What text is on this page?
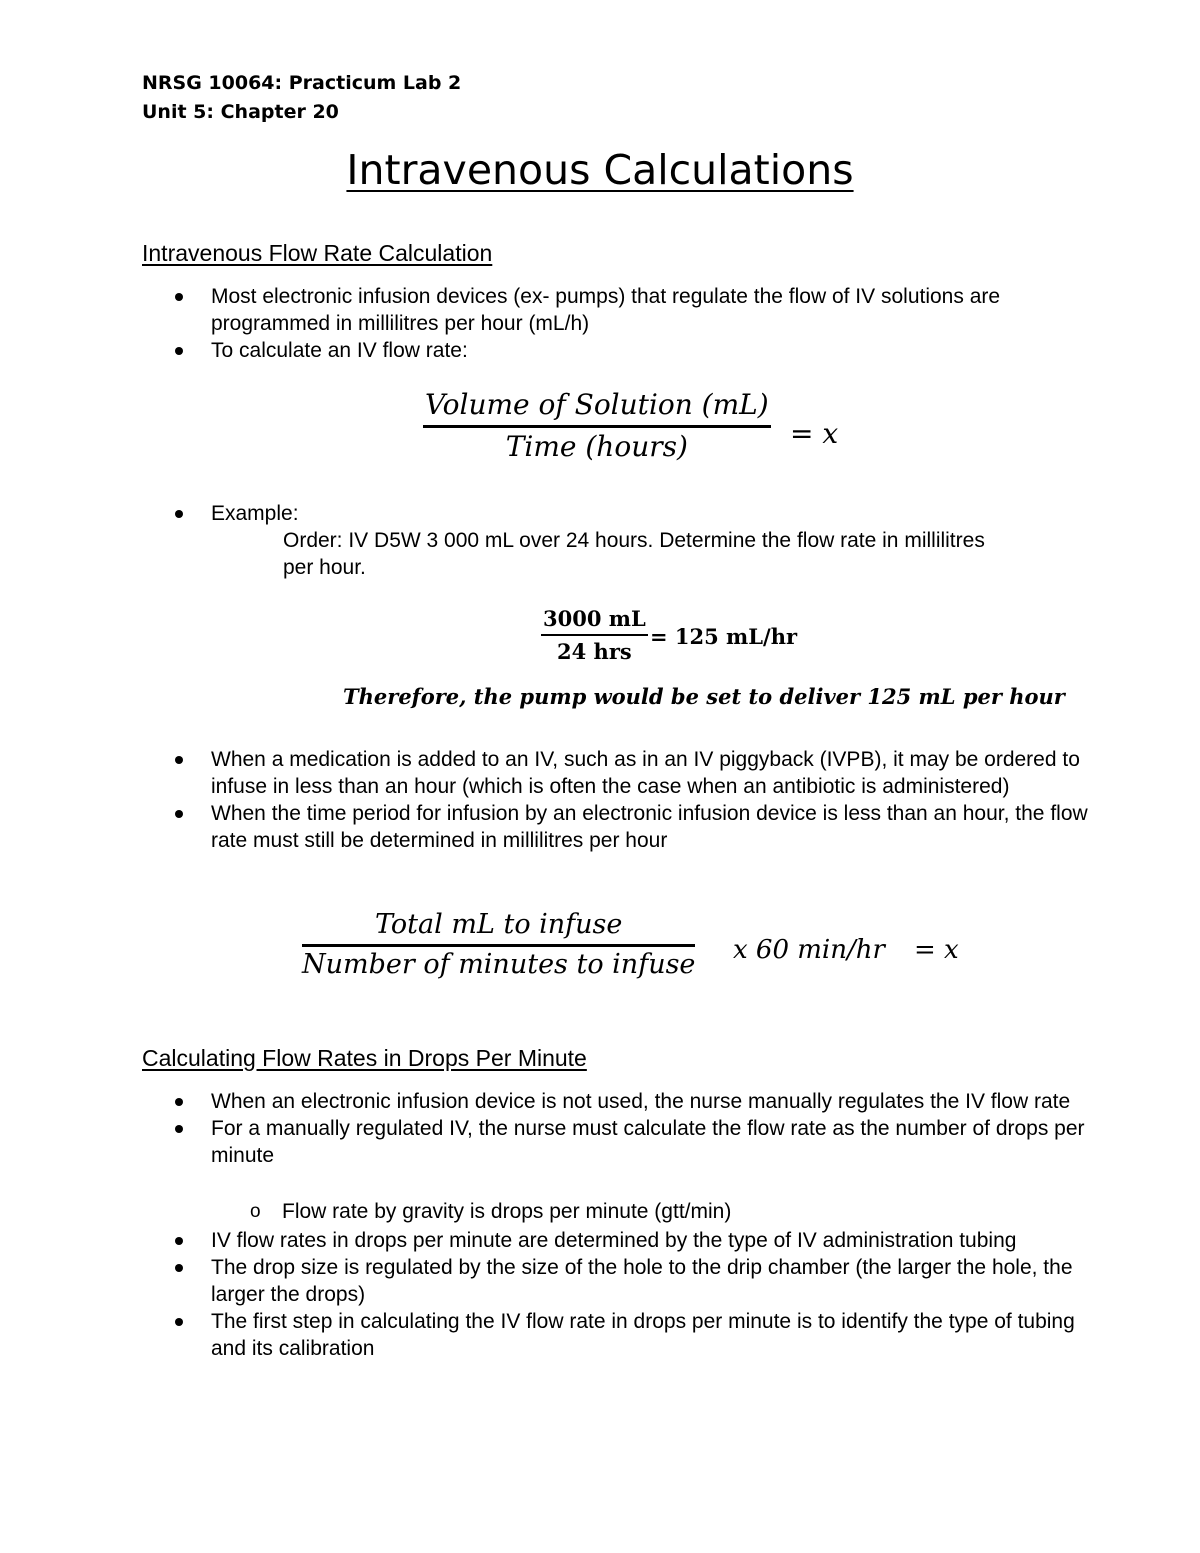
NRSG 10064: Practicum Lab 2
Unit 5: Chapter 20
Intravenous Calculations
Intravenous Flow Rate Calculation
Most electronic infusion devices (ex- pumps) that regulate the flow of IV solutions are programmed in millilitres per hour (mL/h)
To calculate an IV flow rate:
Volume of Solution (mL)
Time (hours)	= x
Example:
Order: IV D5W 3 000 mL over 24 hours. Determine the flow rate in millilitres per hour.
3000 mL
24 hrs
= 125 mL/hr
Therefore, the pump would be set to deliver 125 mL per hour
When a medication is added to an IV, such as in an IV piggyback (IVPB), it may be ordered to infuse in less than an hour (which is often the case when an antibiotic is administered)
When the time period for infusion by an electronic infusion device is less than an hour, the flow rate must still be determined in millilitres per hour
Total mL to infuse
Number of minutes to infuse x 60 min/hr = x
Calculating Flow Rates in Drops Per Minute
When an electronic infusion device is not used, the nurse manually regulates the IV flow rate
For a manually regulated IV, the nurse must calculate the flow rate as the number of drops per minute
o Flow rate by gravity is drops per minute (gtt/min)
IV flow rates in drops per minute are determined by the type of IV administration tubing
The drop size is regulated by the size of the hole to the drip chamber (the larger the hole, the larger the drops)
The first step in calculating the IV flow rate in drops per minute is to identify the type of tubing and its calibration
